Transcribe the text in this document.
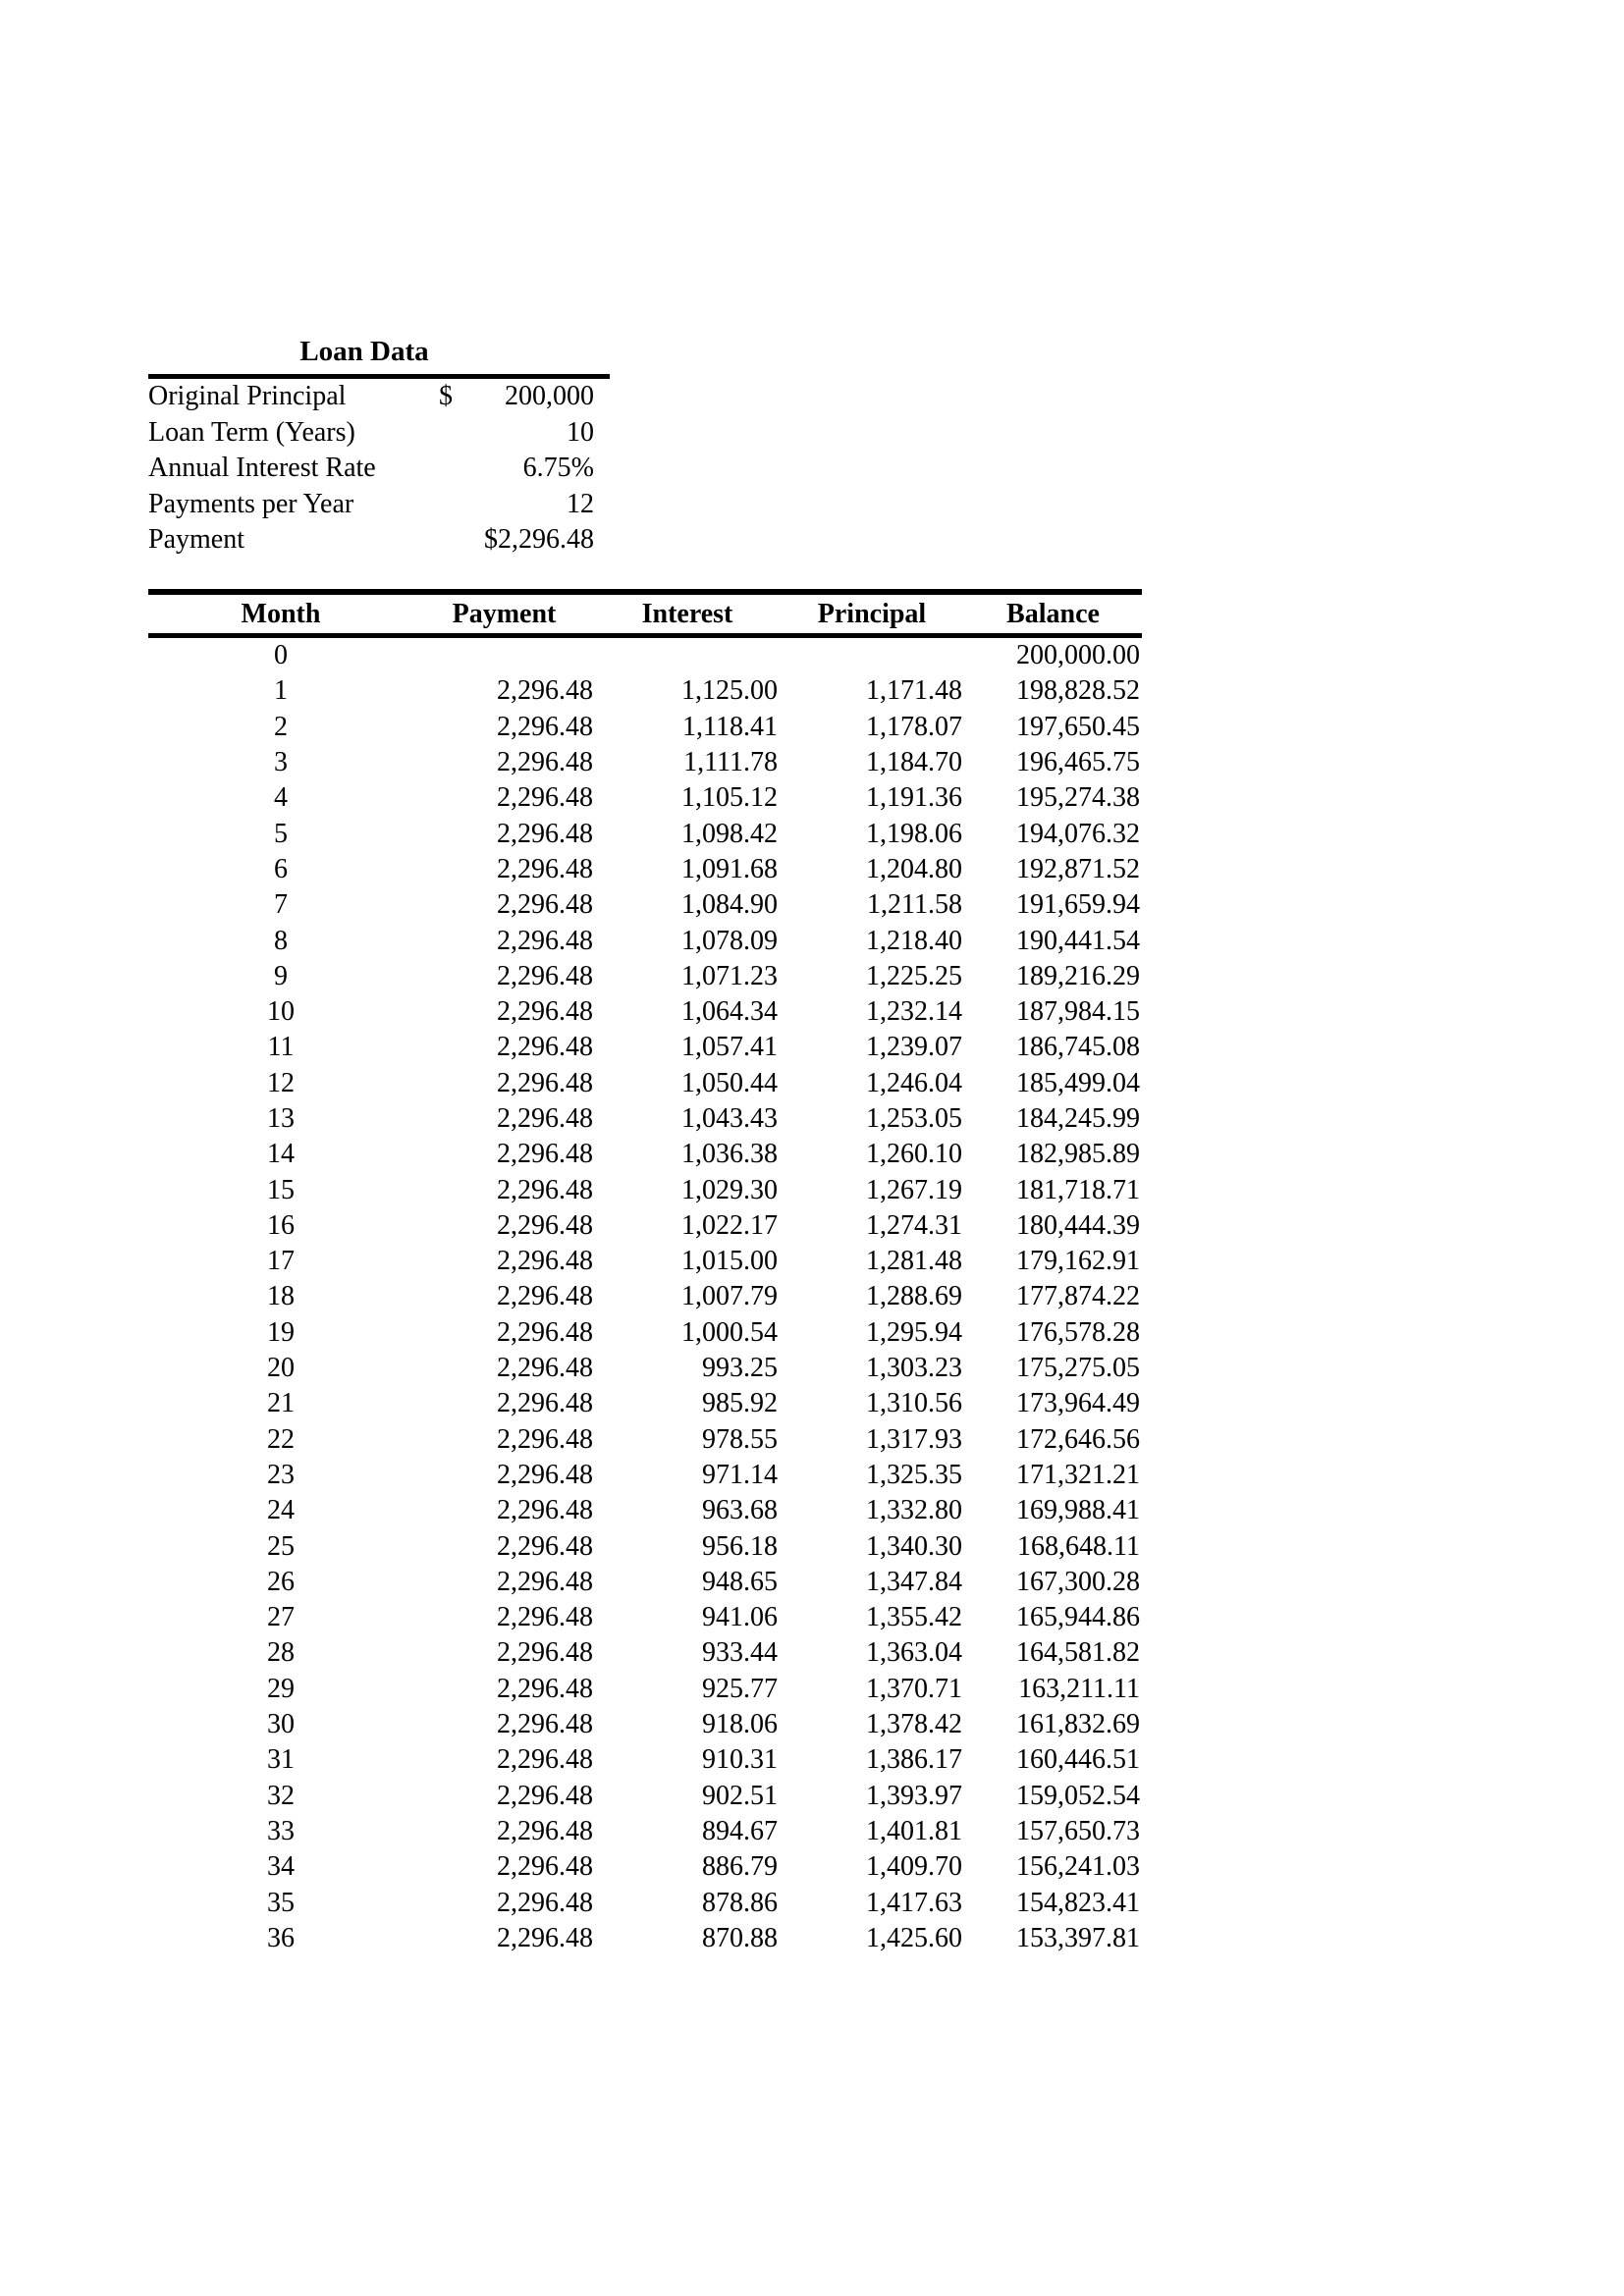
Loan Data
Original Principal	$	200,000
Loan Term (Years)		10
Annual Interest Rate		6.75%
Payments per Year		12
Payment		$2,296.48
Month	Payment	Interest	Principal	Balance
0				200,000.00
1	2,296.48	1,125.00	1,171.48	198,828.52
2	2,296.48	1,118.41	1,178.07	197,650.45
3	2,296.48	1,111.78	1,184.70	196,465.75
4	2,296.48	1,105.12	1,191.36	195,274.38
5	2,296.48	1,098.42	1,198.06	194,076.32
6	2,296.48	1,091.68	1,204.80	192,871.52
7	2,296.48	1,084.90	1,211.58	191,659.94
8	2,296.48	1,078.09	1,218.40	190,441.54
9	2,296.48	1,071.23	1,225.25	189,216.29
10	2,296.48	1,064.34	1,232.14	187,984.15
11	2,296.48	1,057.41	1,239.07	186,745.08
12	2,296.48	1,050.44	1,246.04	185,499.04
13	2,296.48	1,043.43	1,253.05	184,245.99
14	2,296.48	1,036.38	1,260.10	182,985.89
15	2,296.48	1,029.30	1,267.19	181,718.71
16	2,296.48	1,022.17	1,274.31	180,444.39
17	2,296.48	1,015.00	1,281.48	179,162.91
18	2,296.48	1,007.79	1,288.69	177,874.22
19	2,296.48	1,000.54	1,295.94	176,578.28
20	2,296.48	993.25	1,303.23	175,275.05
21	2,296.48	985.92	1,310.56	173,964.49
22	2,296.48	978.55	1,317.93	172,646.56
23	2,296.48	971.14	1,325.35	171,321.21
24	2,296.48	963.68	1,332.80	169,988.41
25	2,296.48	956.18	1,340.30	168,648.11
26	2,296.48	948.65	1,347.84	167,300.28
27	2,296.48	941.06	1,355.42	165,944.86
28	2,296.48	933.44	1,363.04	164,581.82
29	2,296.48	925.77	1,370.71	163,211.11
30	2,296.48	918.06	1,378.42	161,832.69
31	2,296.48	910.31	1,386.17	160,446.51
32	2,296.48	902.51	1,393.97	159,052.54
33	2,296.48	894.67	1,401.81	157,650.73
34	2,296.48	886.79	1,409.70	156,241.03
35	2,296.48	878.86	1,417.63	154,823.41
36	2,296.48	870.88	1,425.60	153,397.81
